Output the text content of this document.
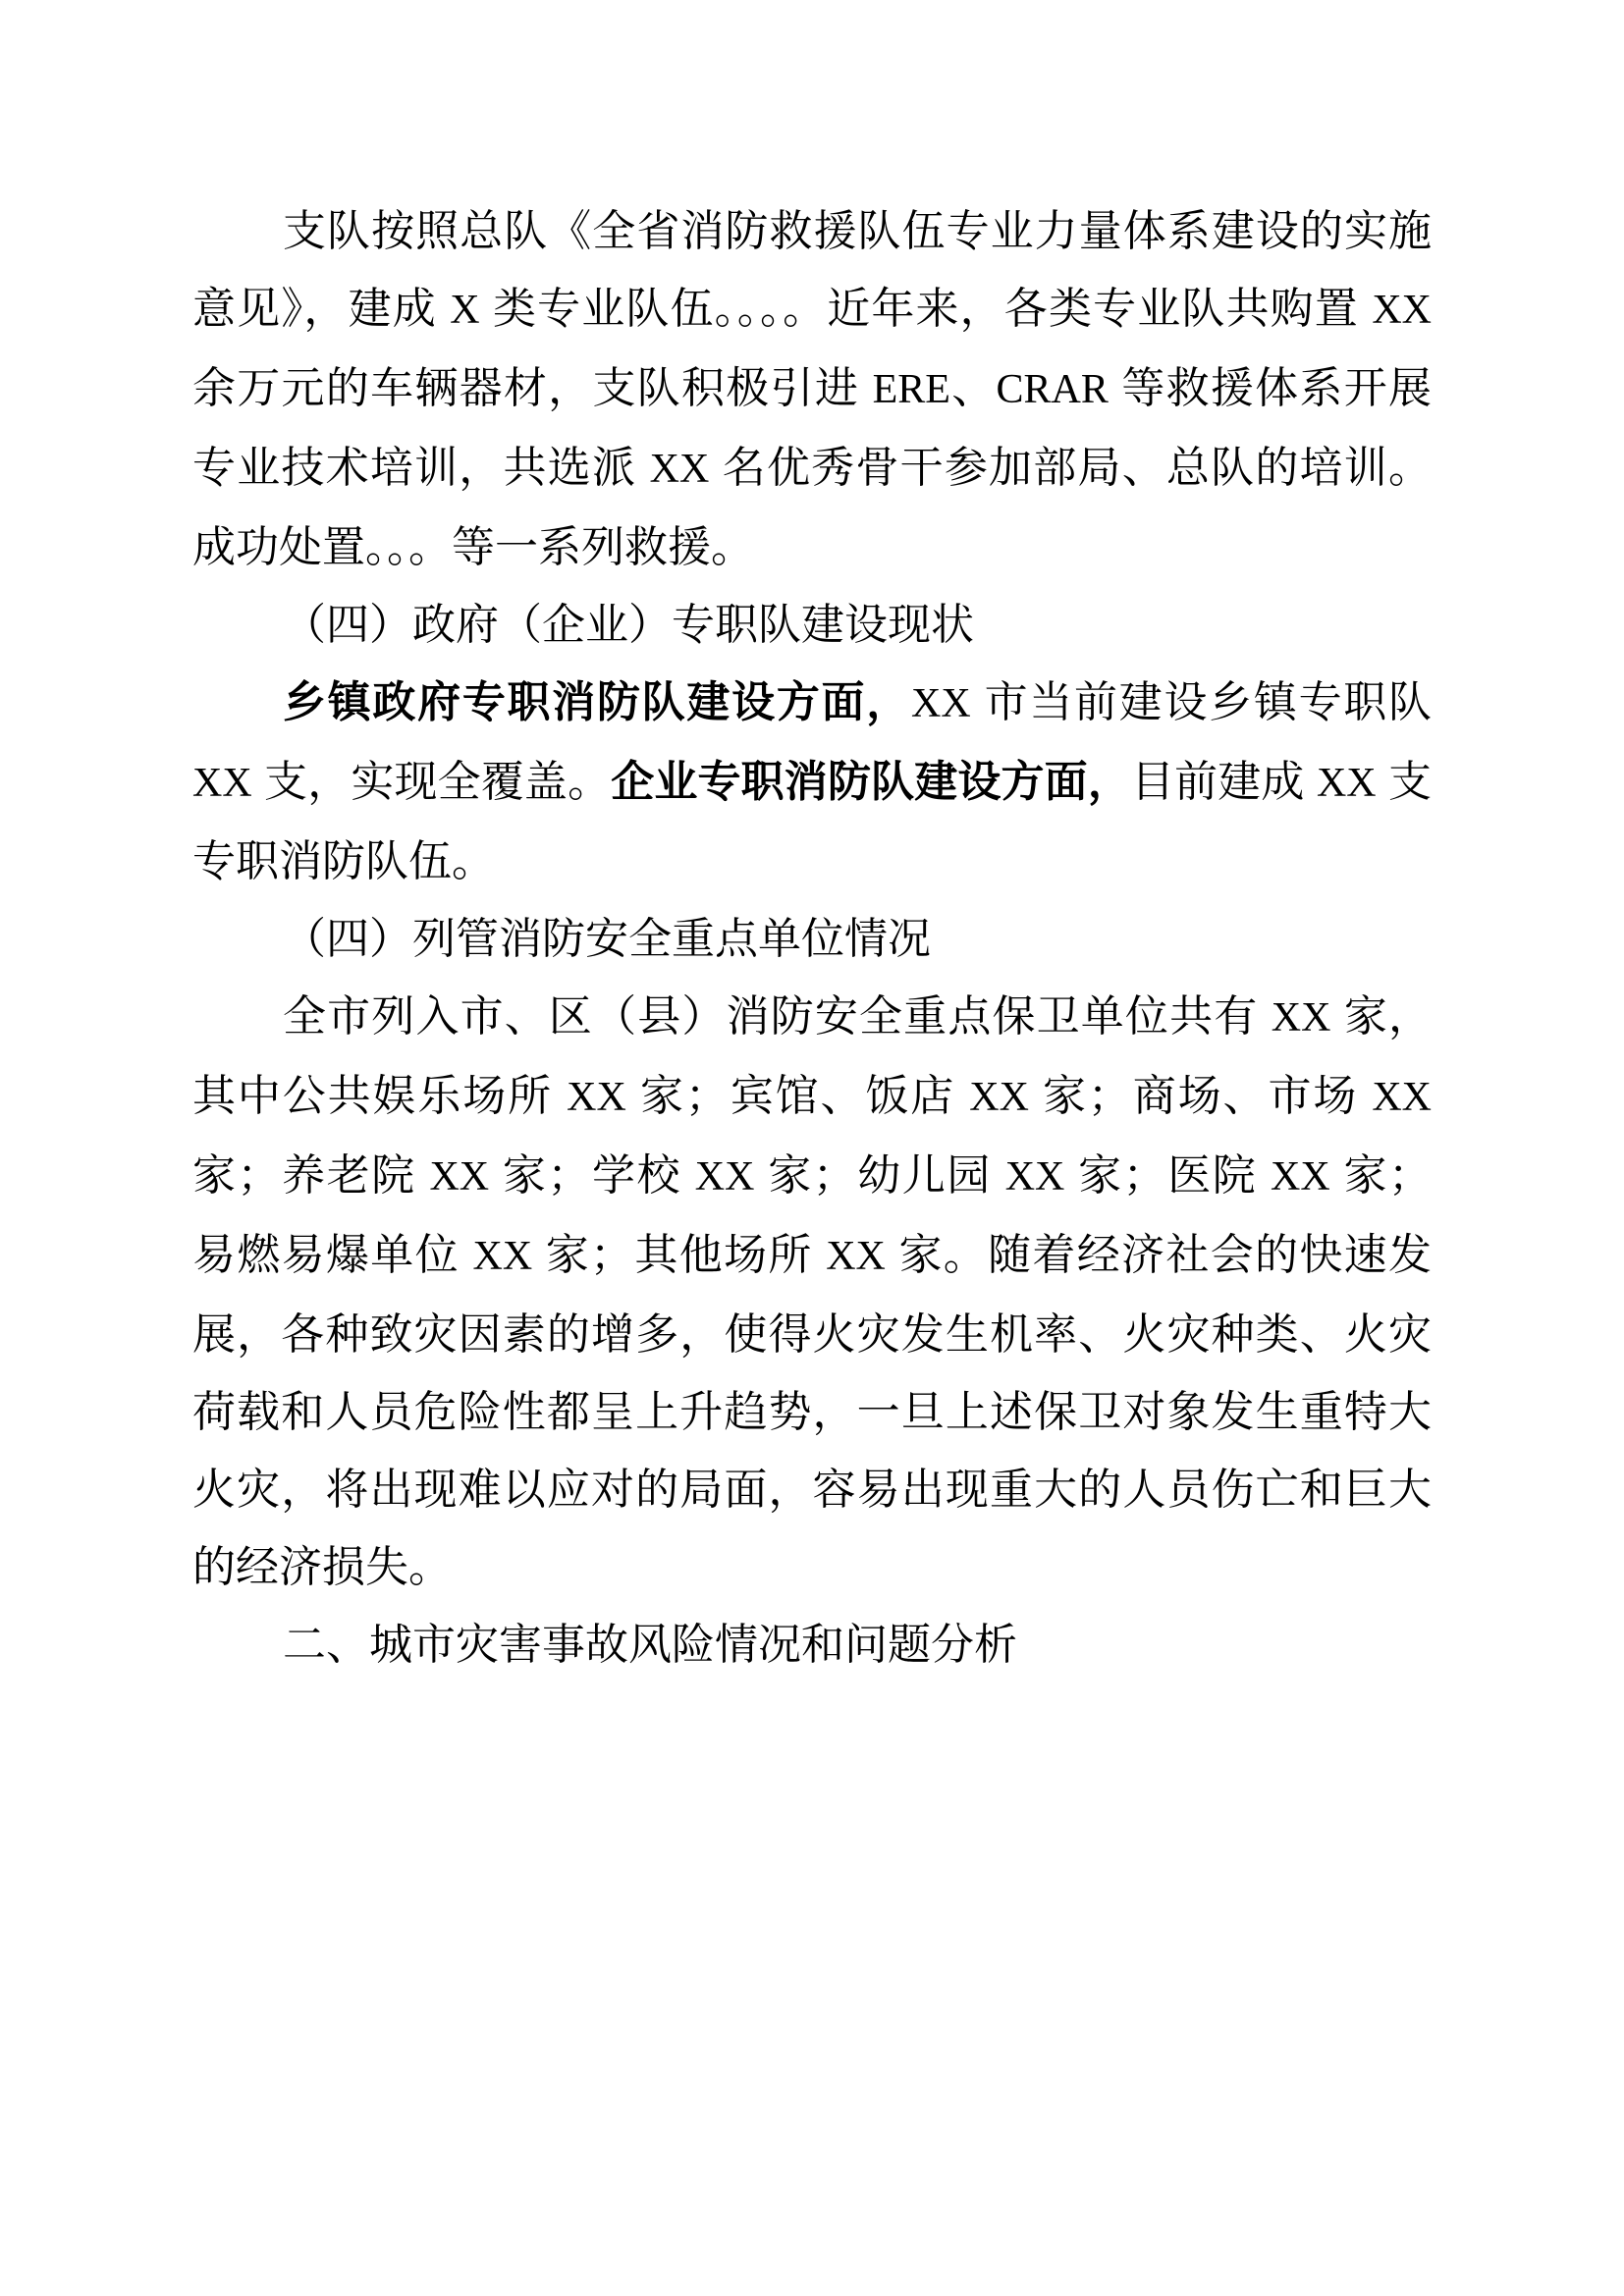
支队按照总队《全省消防救援队伍专业力量体系建设的实施意见》，建成 X 类专业队伍。。。。近年来，各类专业队共购置 XX 余万元的车辆器材，支队积极引进 ERE、CRAR 等救援体系开展专业技术培训，共选派 XX 名优秀骨干参加部局、总队的培训。成功处置。。。等一系列救援。

（四）政府（企业）专职队建设现状

乡镇政府专职消防队建设方面，XX 市当前建设乡镇专职队 XX 支，实现全覆盖。企业专职消防队建设方面，目前建成 XX 支专职消防队伍。

（四）列管消防安全重点单位情况

全市列入市、区（县）消防安全重点保卫单位共有 XX 家，其中公共娱乐场所 XX 家；宾馆、饭店 XX 家；商场、市场 XX 家；养老院 XX 家；学校 XX 家；幼儿园 XX 家；医院 XX 家；易燃易爆单位 XX 家；其他场所 XX 家。随着经济社会的快速发展，各种致灾因素的增多，使得火灾发生机率、火灾种类、火灾荷载和人员危险性都呈上升趋势，一旦上述保卫对象发生重特大火灾，将出现难以应对的局面，容易出现重大的人员伤亡和巨大的经济损失。

二、城市灾害事故风险情况和问题分析
